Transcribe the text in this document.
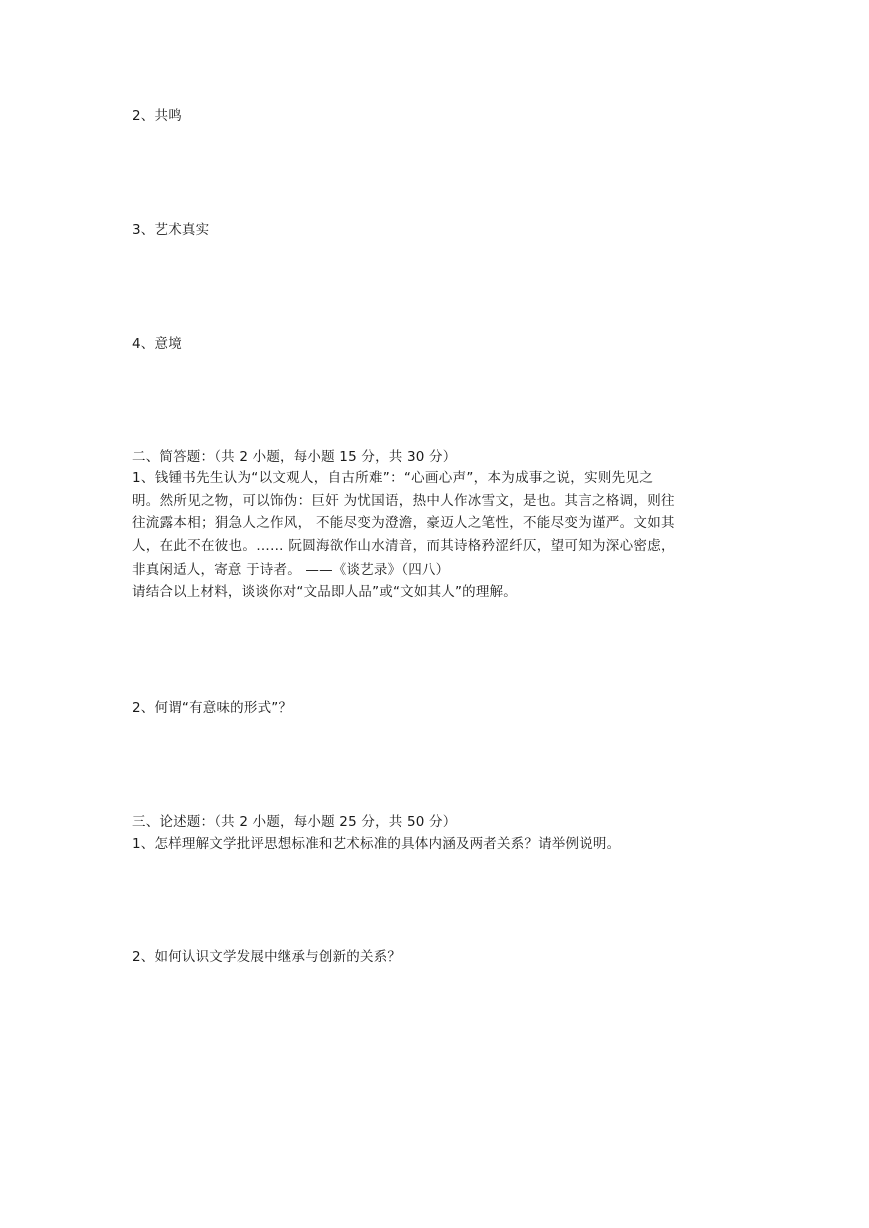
2、共鸣
3、艺术真实
4、意境
二、简答题：（共 2 小题，每小题 15 分，共 30 分）
1、钱锺书先生认为“以文观人，自古所难”：“心画心声”，本为成事之说，实则先见之
明。然所见之物，可以饰伪：巨奸 为忧国语，热中人作冰雪文，是也。其言之格调，则往
往流露本相；狷急人之作风， 不能尽变为澄澹，豪迈人之笔性，不能尽变为谨严。文如其
人，在此不在彼也。…… 阮圆海欲作山水清音，而其诗格矜涩纤仄，望可知为深心密虑，
非真闲适人，寄意 于诗者。 ——《谈艺录》（四八）
请结合以上材料，谈谈你对“文品即人品”或“文如其人”的理解。
2、何谓“有意味的形式”？
三、论述题：（共 2 小题，每小题 25 分，共 50 分）
1、怎样理解文学批评思想标准和艺术标准的具体内涵及两者关系？请举例说明。
2、如何认识文学发展中继承与创新的关系？
